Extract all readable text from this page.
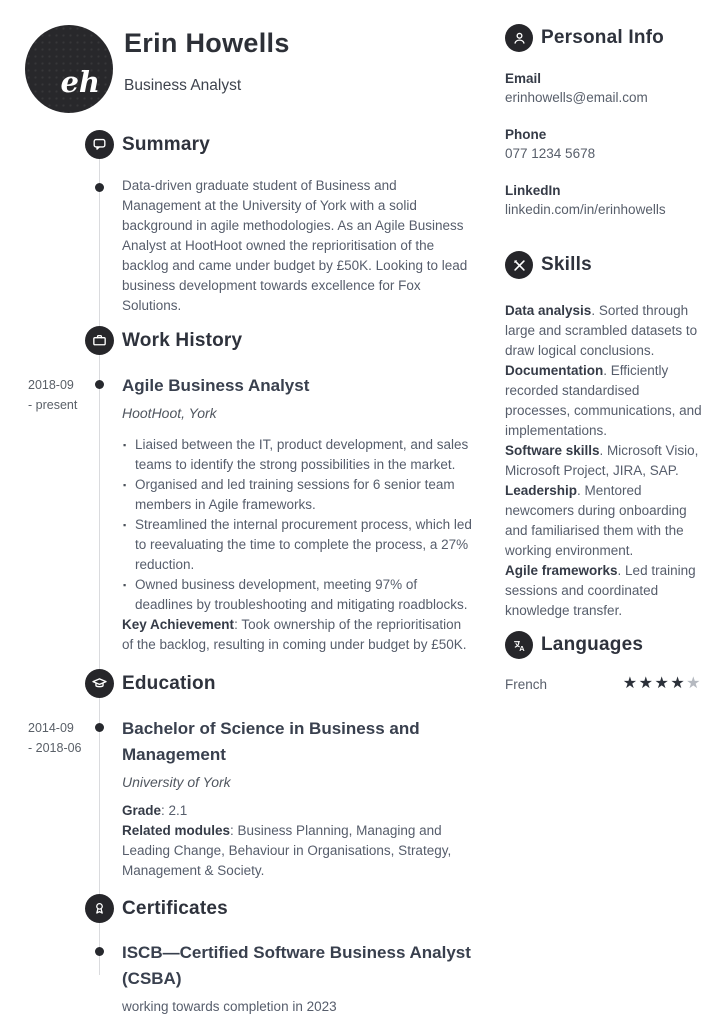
eh
Erin Howells
Business Analyst
Summary

Data-driven graduate student of Business and Management at the University of York with a solid background in agile methodologies. As an Agile Business Analyst at HootHoot owned the reprioritisation of the backlog and came under budget by £50K. Looking to lead business development towards excellence for Fox Solutions.

Work History
2018-09
- present
Agile Business Analyst
HootHoot, York
▪ Liaised between the IT, product development, and sales teams to identify the strong possibilities in the market.
▪ Organised and led training sessions for 6 senior team members in Agile frameworks.
▪ Streamlined the internal procurement process, which led to reevaluating the time to complete the process, a 27% reduction.
▪ Owned business development, meeting 97% of deadlines by troubleshooting and mitigating roadblocks.
Key Achievement: Took ownership of the reprioritisation of the backlog, resulting in coming under budget by £50K.
Education
2014-09
- 2018-06
Bachelor of Science in Business and Management
University of York
Grade: 2.1
Related modules: Business Planning, Managing and Leading Change, Behaviour in Organisations, Strategy, Management & Society.
Certificates
ISCB—Certified Software Business Analyst (CSBA)
working towards completion in 2023
Personal Info
Email
erinhowells@email.com
Phone
077 1234 5678
LinkedIn
linkedin.com/in/erinhowells
Skills
Data analysis. Sorted through large and scrambled datasets to draw logical conclusions.
Documentation. Efficiently recorded standardised processes, communications, and implementations.
Software skills. Microsoft Visio, Microsoft Project, JIRA, SAP.
Leadership. Mentored newcomers during onboarding and familiarised them with the working environment.
Agile frameworks. Led training sessions and coordinated knowledge transfer.
A Languages
French	★★★★★
